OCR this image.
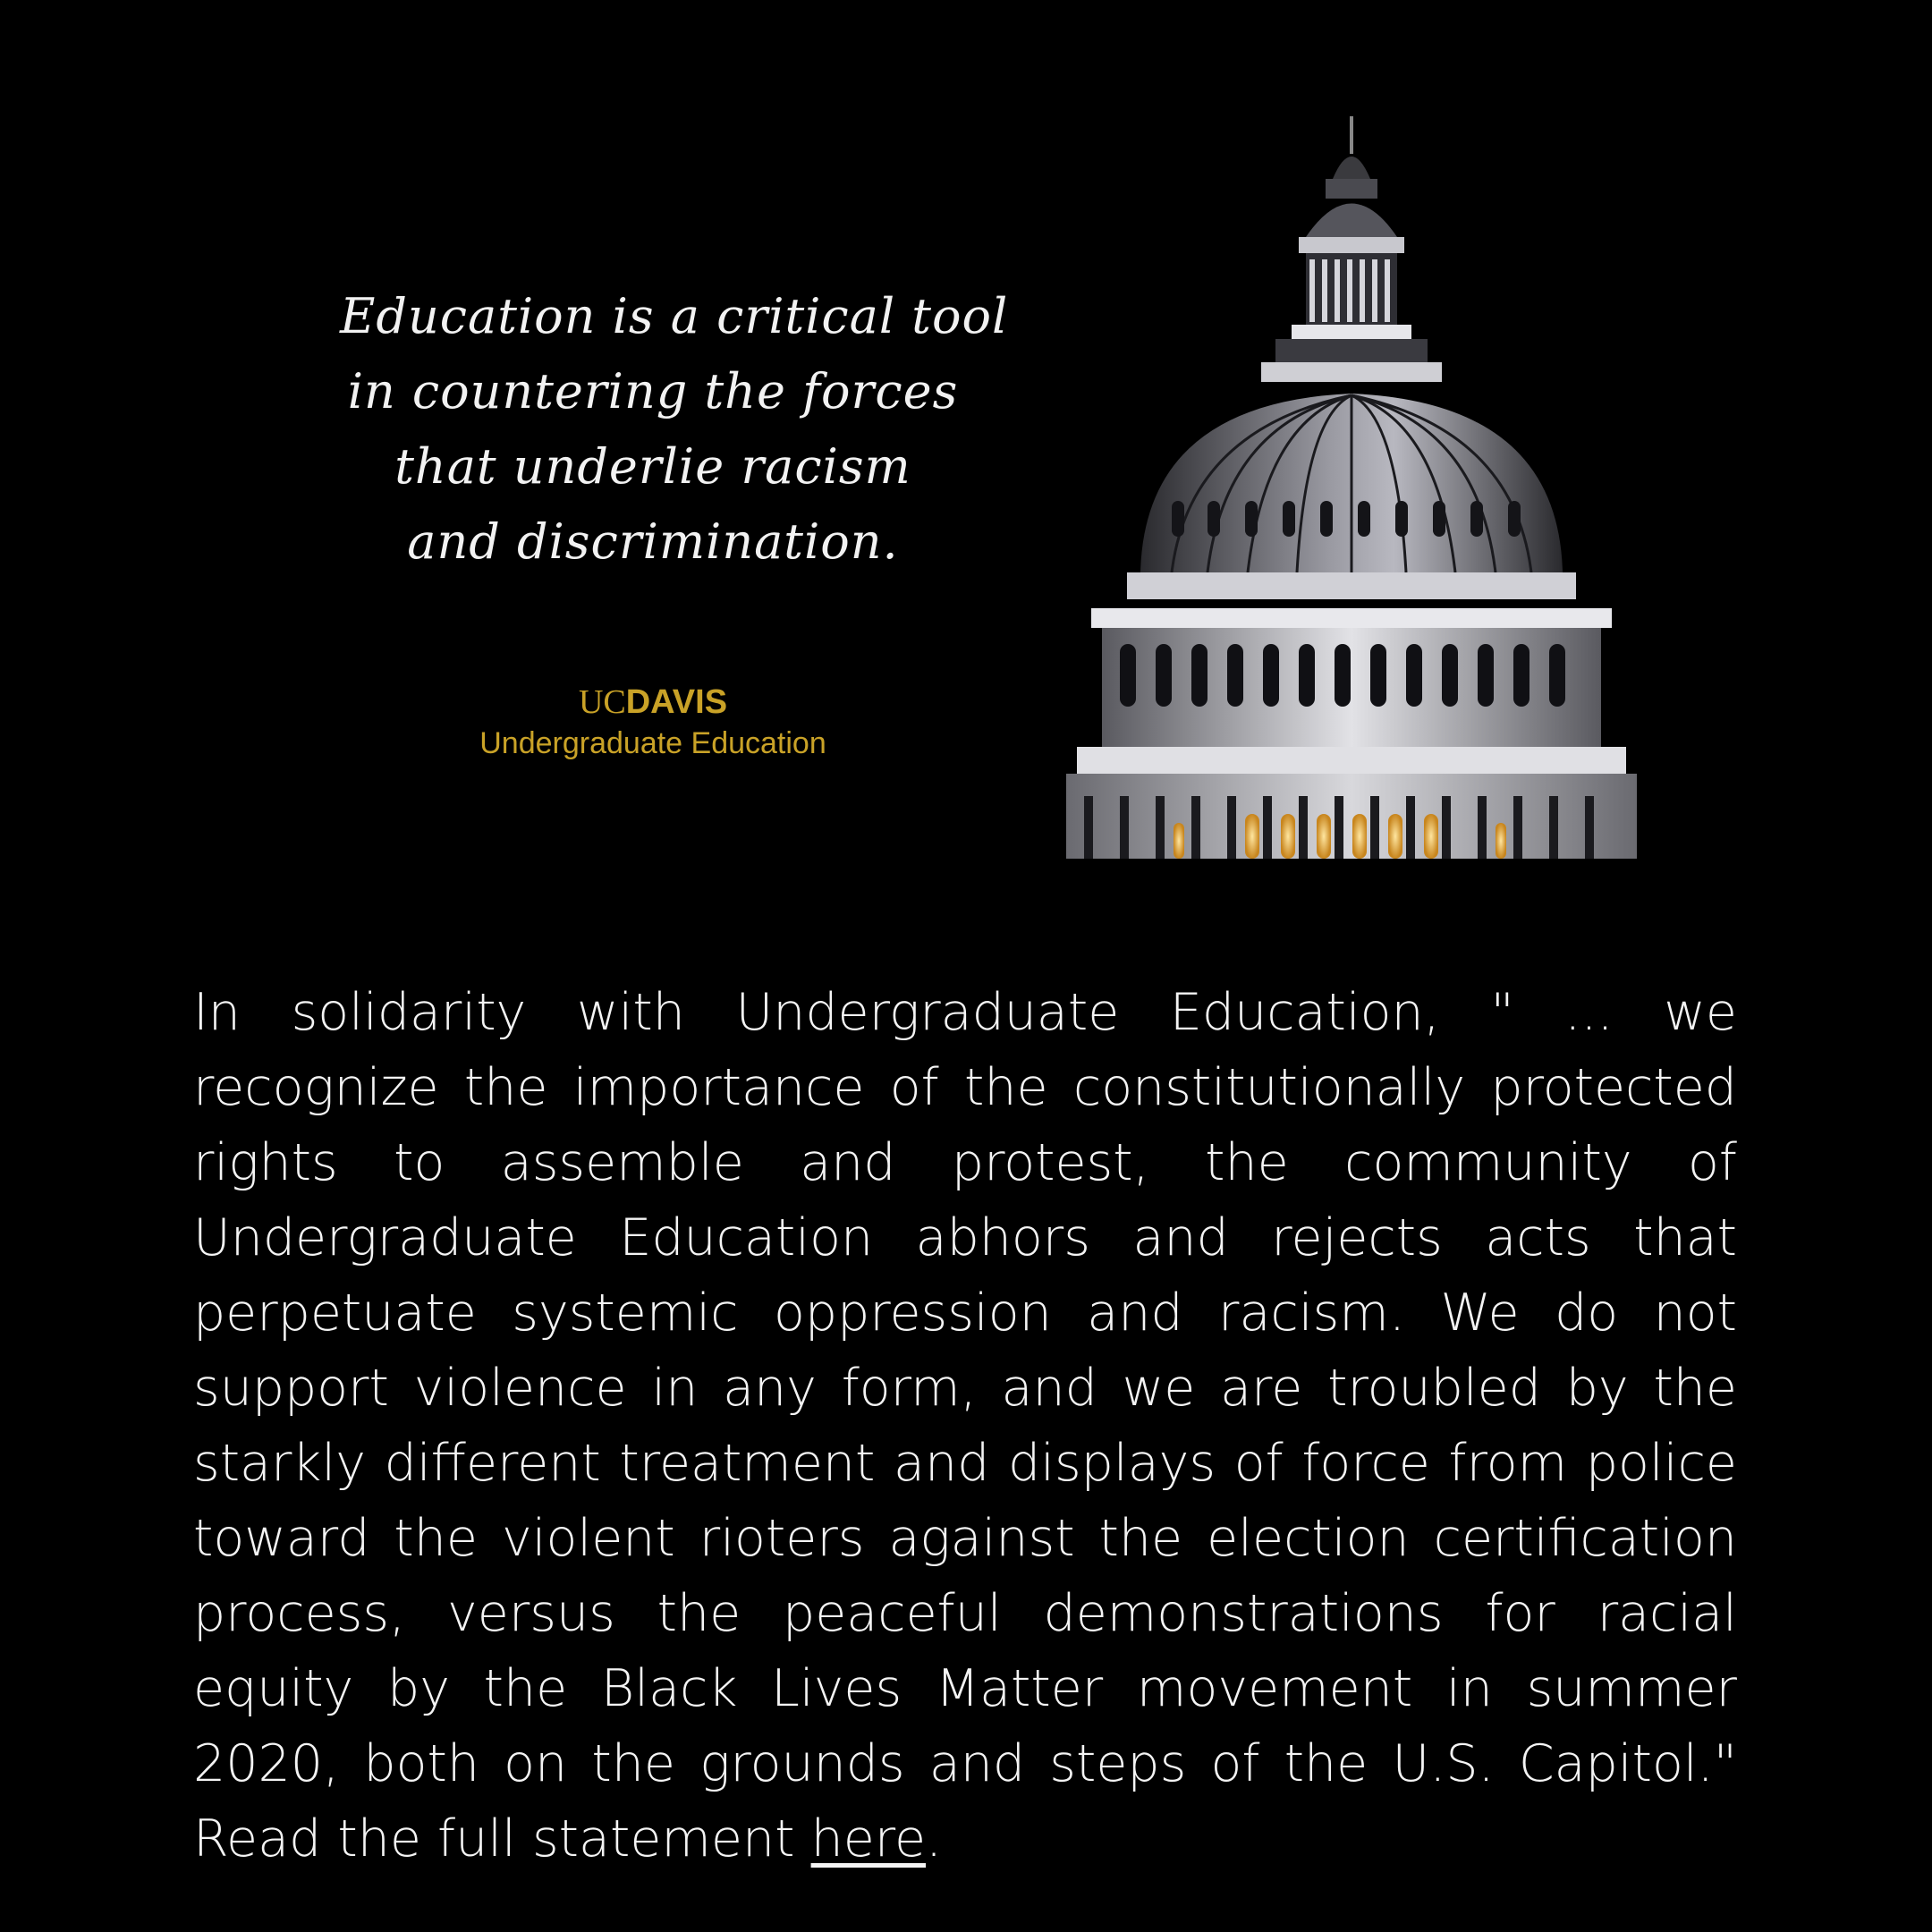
Education is a critical tool
in countering the forces
that underlie racism
and discrimination.
UCDAVIS
Undergraduate Education
In solidarity with Undergraduate Education, " ... we recognize the importance of the constitutionally protected rights to assemble and protest, the community of Undergraduate Education abhors and rejects acts that perpetuate systemic oppression and racism. We do not support violence in any form, and we are troubled by the starkly different treatment and displays of force from police toward the violent rioters against the election certification process, versus the peaceful demonstrations for racial equity by the Black Lives Matter movement in summer 2020, both on the grounds and steps of the U.S. Capitol." Read the full statement here.
